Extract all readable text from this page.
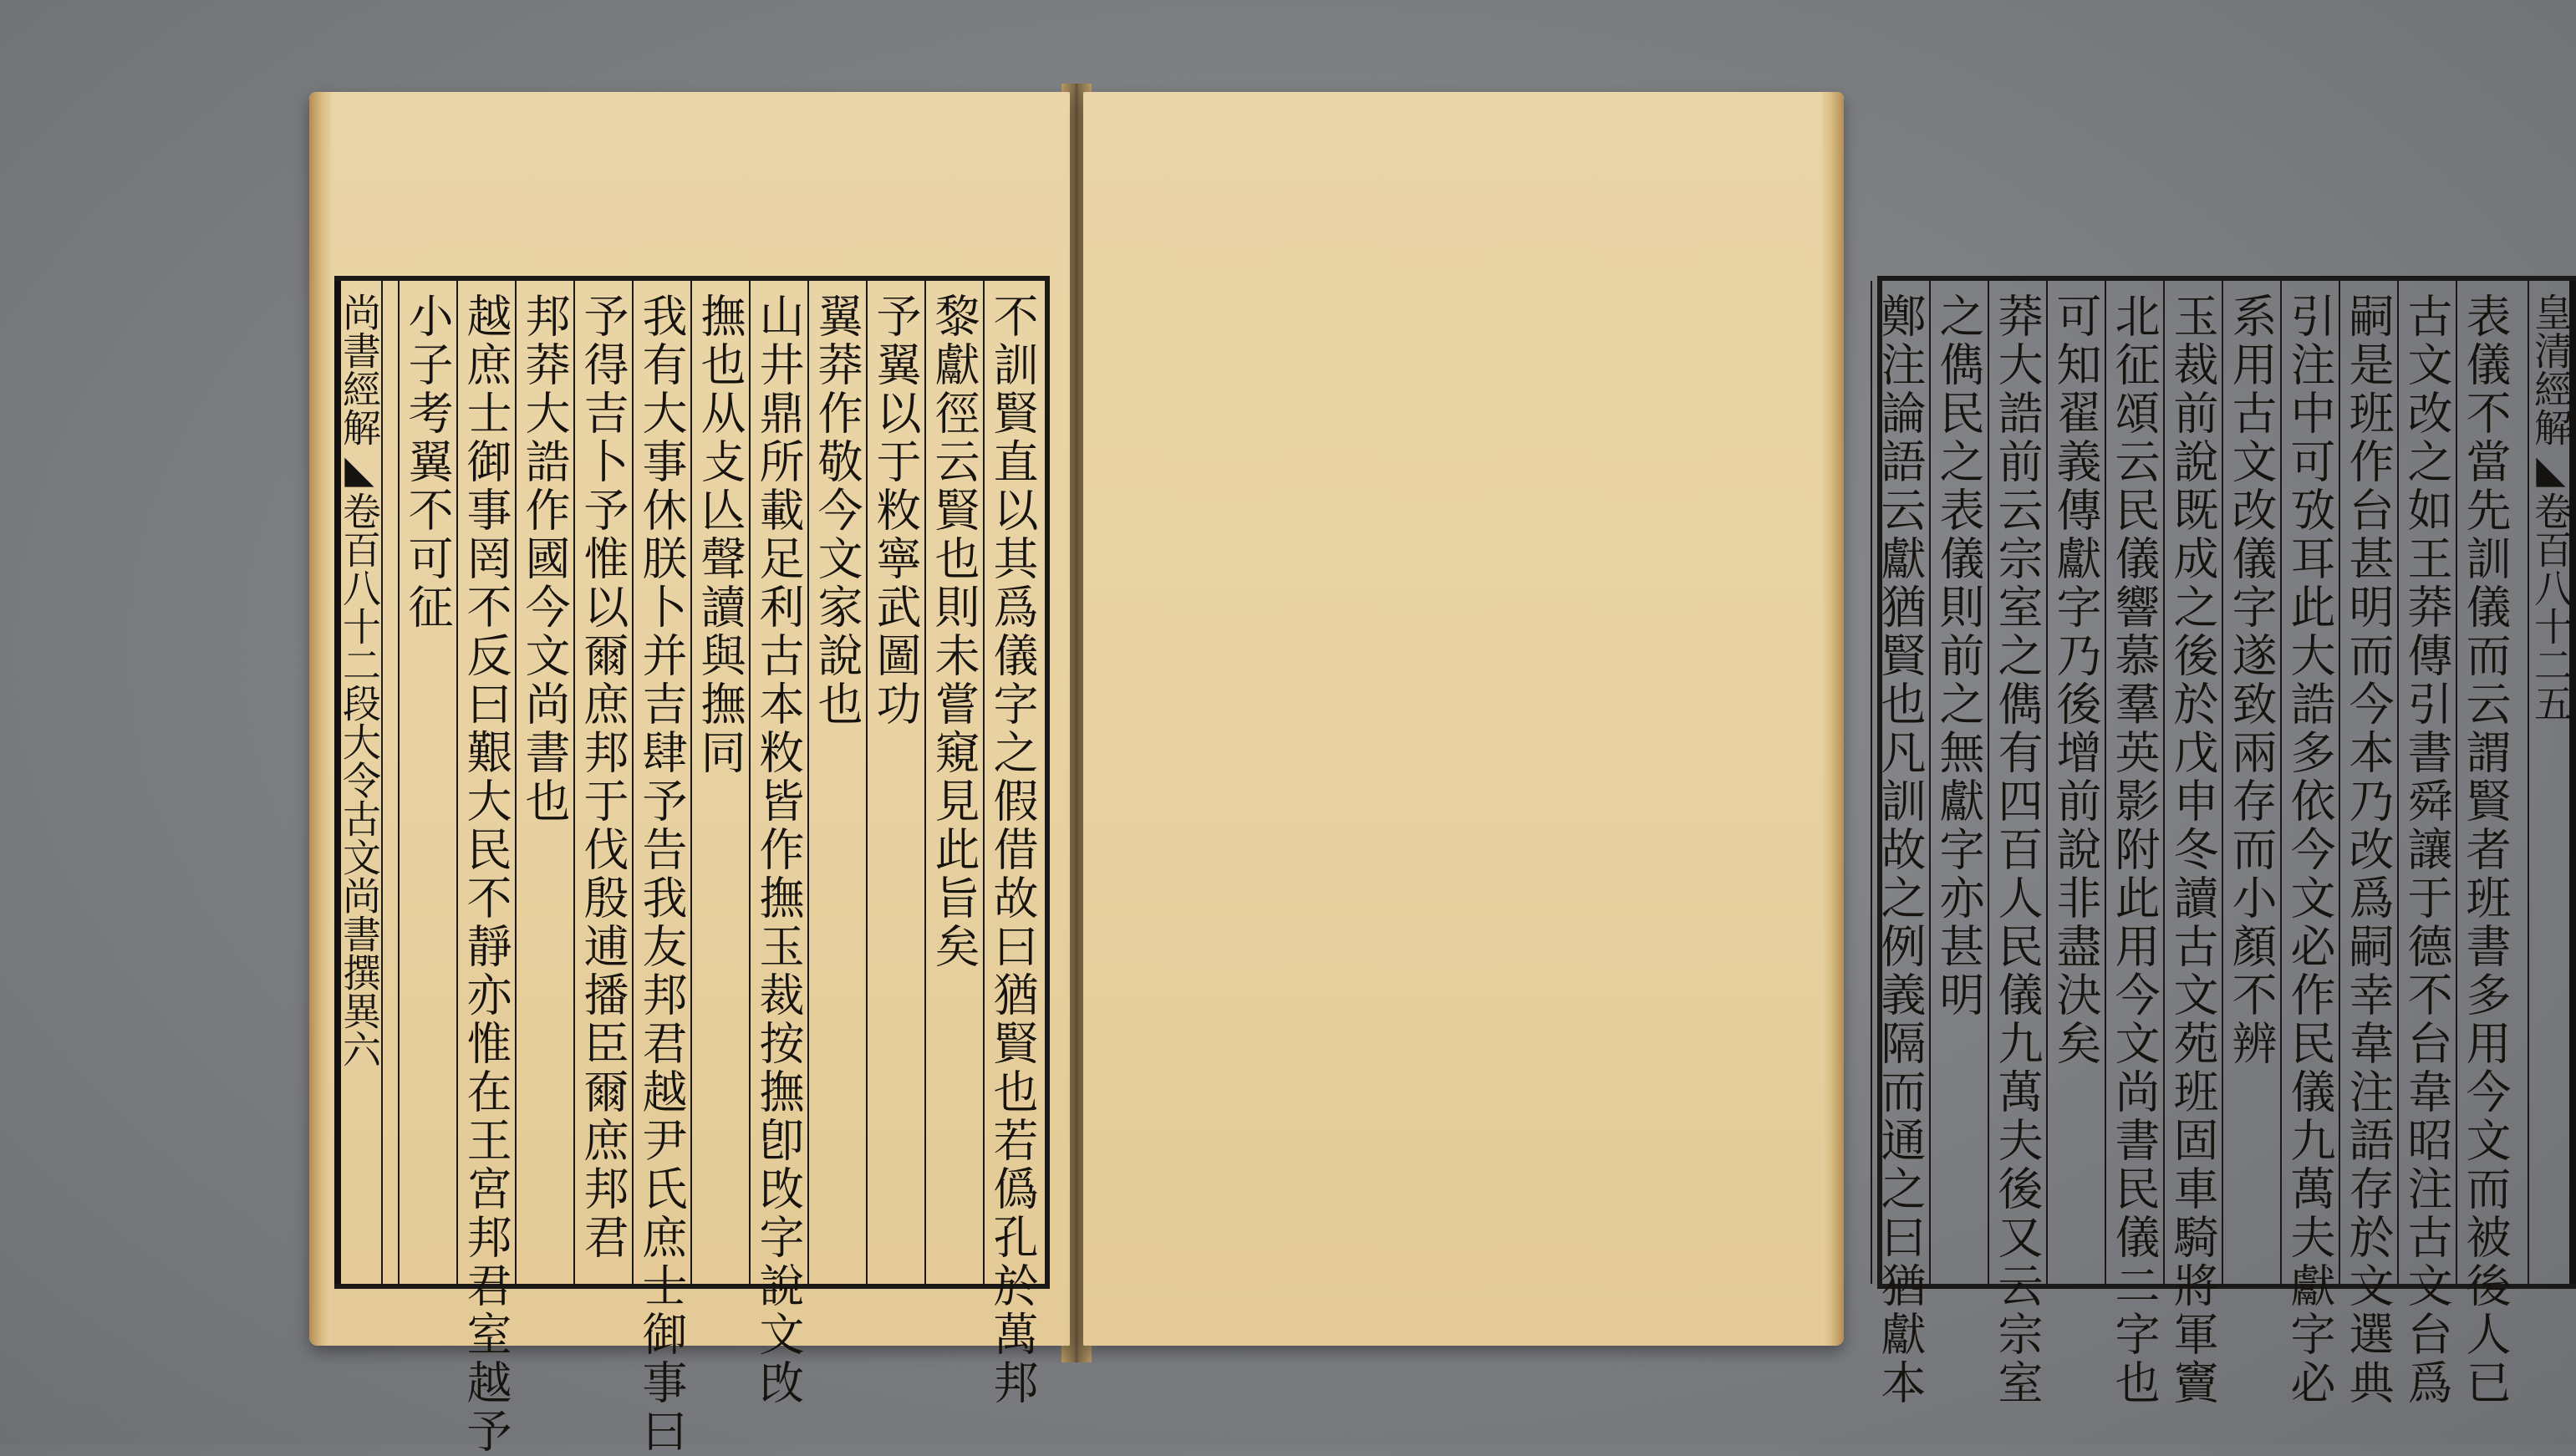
尚書經解◣卷百八十二段大令古文尚書撰異六	不訓賢直以其爲儀字之假借故曰猶賢也若僞孔於萬邦
黎獻徑云賢也則未嘗窺見此旨矣
予翼以于敉寧武圖功
翼莽作敬今文家說也
山井鼎所載足利古本敉皆作撫玉裁按撫卽攺字說文攺
撫也从攴亾聲讀與撫同
我有大事休朕卜并吉肆予告我友邦君越尹氏庶士御事曰
予得吉卜予惟以爾庶邦于伐殷逋播臣爾庶邦君
邦莽大誥作國今文尚書也
越庶士御事罔不反曰艱大民不靜亦惟在王宮邦君室越予
小子考翼不可征	皇清經解◣卷百八十二五
表儀不當先訓儀而云謂賢者班書多用今文而被後人已
古文改之如王莽傳引書舜讓于德不台韋昭注古文台爲
嗣是班作台甚明而今本乃改爲嗣幸韋注語存於文選典
引注中可攷耳此大誥多依今文必作民儀九萬夫獻字必
系用古文改儀字遂致兩存而小顏不辨
玉裁前說既成之後於戊申冬讀古文苑班固車騎將軍竇
北征頌云民儀響慕羣英影附此用今文尚書民儀二字也
可知翟義傳獻字乃後增前說非盡決矣
莽大誥前云宗室之儁有四百人民儀九萬夫後又云宗室
之儁民之表儀則前之無獻字亦甚明
鄭注論語云獻猶賢也凡訓故之例義隔而通之曰猶獻本
